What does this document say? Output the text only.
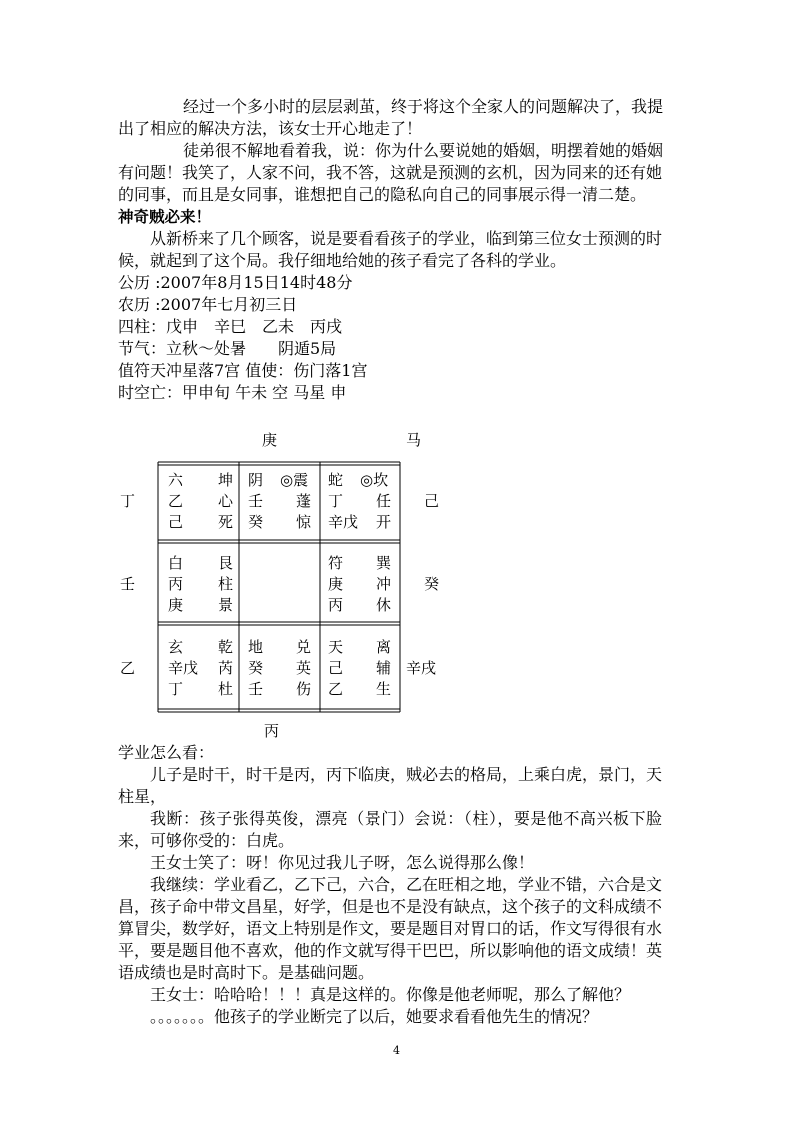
经过一个多小时的层层剥茧，终于将这个全家人的问题解决了，我提
出了相应的解决方法，该女士开心地走了！
徒弟很不解地看着我，说：你为什么要说她的婚姻，明摆着她的婚姻
有问题！我笑了，人家不问，我不答，这就是预测的玄机，因为同来的还有她
的同事，而且是女同事，谁想把自己的隐私向自己的同事展示得一清二楚。
神奇贼必来！
从新桥来了几个顾客，说是要看看孩子的学业，临到第三位女士预测的时
候，就起到了这个局。我仔细地给她的孩子看完了各科的学业。
公历 :2007年8月15日14时48分
农历 :2007年七月初三日
四柱：戊申　辛巳　乙未　丙戌
节气：立秋～处暑　　阴遁5局
值符天冲星落7宫 值使：伤门落1宫
时空亡：甲申旬 午未 空 马星 申
庚	马
丙
丁
壬
乙
己
癸
辛戌
六 坤
乙 心
己 死
阴 ◎震
壬 蓬
癸 惊
蛇 ◎坎
丁 任
辛戊 开
白 艮
丙 柱
庚 景
符 巽
庚 冲
丙 休
玄 乾
辛戊 芮
丁 杜
地 兑
癸 英
壬 伤
天 离
己 辅
乙 生
学业怎么看：
儿子是时干，时干是丙，丙下临庚，贼必去的格局，上乘白虎，景门，天
柱星，
我断：孩子张得英俊，漂亮（景门）会说：（柱），要是他不高兴板下脸
来，可够你受的：白虎。
王女士笑了：呀！你见过我儿子呀，怎么说得那么像！
我继续：学业看乙，乙下己，六合，乙在旺相之地，学业不错，六合是文
昌，孩子命中带文昌星，好学，但是也不是没有缺点，这个孩子的文科成绩不
算冒尖，数学好，语文上特别是作文，要是题目对胃口的话，作文写得很有水
平，要是题目他不喜欢，他的作文就写得干巴巴，所以影响他的语文成绩！英
语成绩也是时高时下。是基础问题。
王女士：哈哈哈！！！真是这样的。你像是他老师呢，那么了解他？
。。。。。。。他孩子的学业断完了以后，她要求看看他先生的情况？
4
